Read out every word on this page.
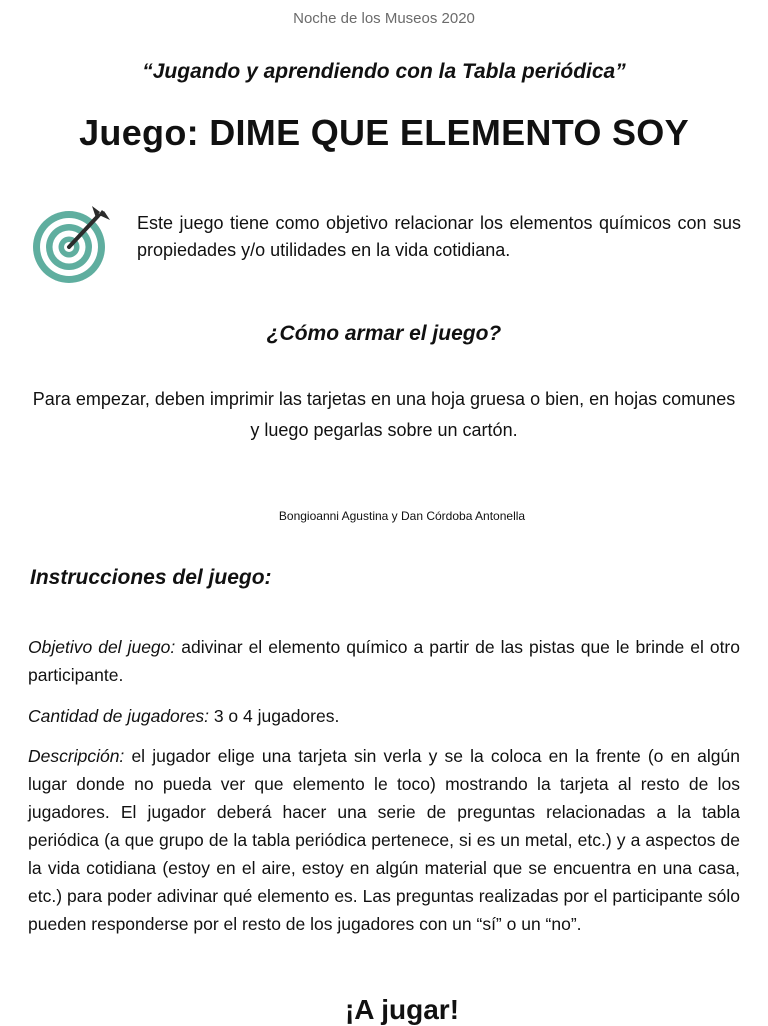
Noche de los Museos 2020
“Jugando y aprendiendo con la Tabla periódica”
Juego: DIME QUE ELEMENTO SOY
Este juego tiene como objetivo relacionar los elementos químicos con sus propiedades y/o utilidades en la vida cotidiana.
¿Cómo armar el juego?
Para empezar, deben imprimir las tarjetas en una hoja gruesa o bien, en hojas comunes y luego pegarlas sobre un cartón.
Bongioanni Agustina y Dan Córdoba Antonella
Instrucciones del juego:
Objetivo del juego: adivinar el elemento químico a partir de las pistas que le brinde el otro participante.
Cantidad de jugadores: 3 o 4 jugadores.
Descripción: el jugador elige una tarjeta sin verla y se la coloca en la frente (o en algún lugar donde no pueda ver que elemento le toco) mostrando la tarjeta al resto de los jugadores. El jugador deberá hacer una serie de preguntas relacionadas a la tabla periódica (a que grupo de la tabla periódica pertenece, si es un metal, etc.) y a aspectos de la vida cotidiana (estoy en el aire, estoy en algún material que se encuentra en una casa, etc.) para poder adivinar qué elemento es. Las preguntas realizadas por el participante sólo pueden responderse por el resto de los jugadores con un “sí” o un “no”.
¡A jugar!
